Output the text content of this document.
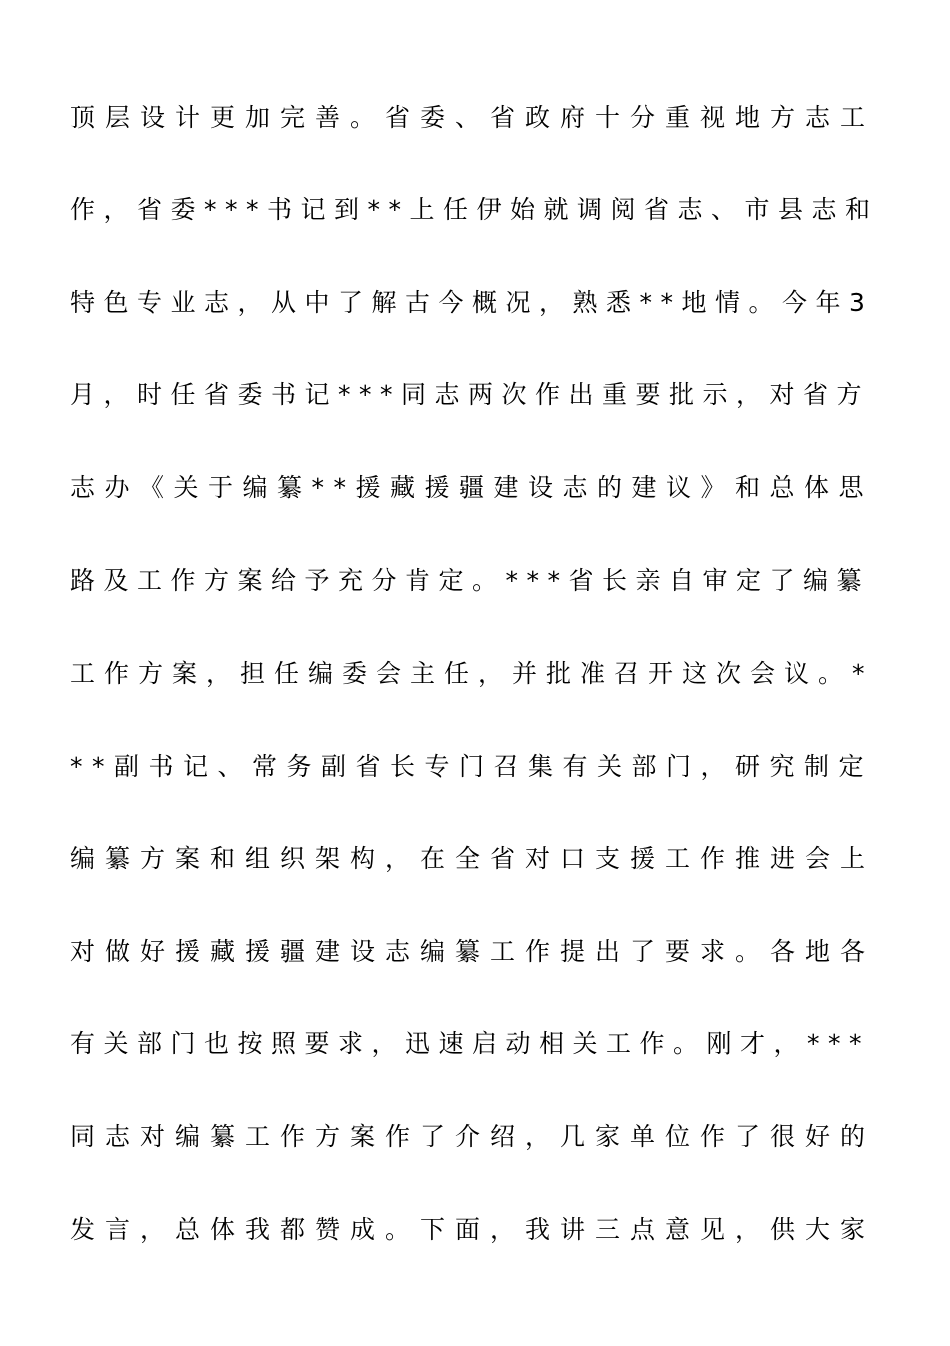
顶层设计更加完善。省委、省政府十分重视地方志工
作，省委***书记到**上任伊始就调阅省志、市县志和
特色专业志，从中了解古今概况，熟悉**地情。今年3
月，时任省委书记***同志两次作出重要批示，对省方
志办《关于编纂**援藏援疆建设志的建议》和总体思
路及工作方案给予充分肯定。***省长亲自审定了编纂
工作方案，担任编委会主任，并批准召开这次会议。*
**副书记、常务副省长专门召集有关部门，研究制定
编纂方案和组织架构，在全省对口支援工作推进会上
对做好援藏援疆建设志编纂工作提出了要求。各地各
有关部门也按照要求，迅速启动相关工作。刚才，***
同志对编纂工作方案作了介绍，几家单位作了很好的
发言，总体我都赞成。下面，我讲三点意见，供大家
